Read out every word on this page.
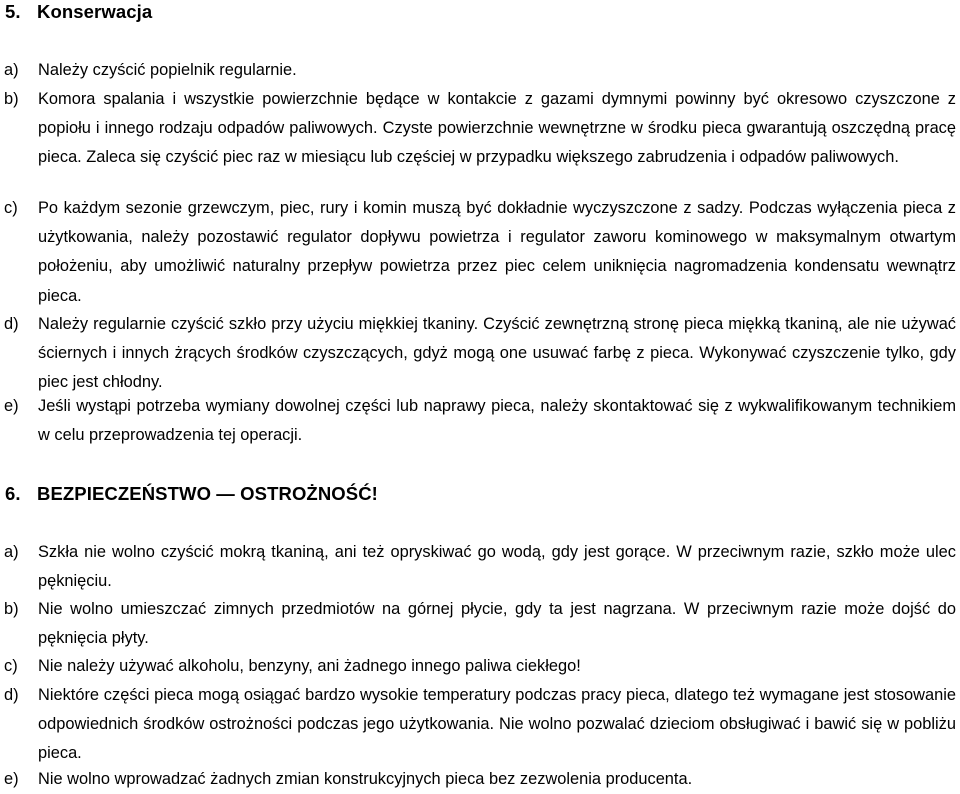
5. Konserwacja
a) Należy czyścić popielnik regularnie.
b) Komora spalania i wszystkie powierzchnie będące w kontakcie z gazami dymnymi powinny być okresowo czyszczone z popiołu i innego rodzaju odpadów paliwowych. Czyste powierzchnie wewnętrzne w środku pieca gwarantują oszczędną pracę pieca. Zaleca się czyścić piec raz w miesiącu lub częściej w przypadku większego zabrudzenia i odpadów paliwowych.
c) Po każdym sezonie grzewczym, piec, rury i komin muszą być dokładnie wyczyszczone z sadzy. Podczas wyłączenia pieca z użytkowania, należy pozostawić regulator dopływu powietrza i regulator zaworu kominowego w maksymalnym otwartym położeniu, aby umożliwić naturalny przepływ powietrza przez piec celem uniknięcia nagromadzenia kondensatu wewnątrz pieca.
d) Należy regularnie czyścić szkło przy użyciu miękkiej tkaniny. Czyścić zewnętrzną stronę pieca miękką tkaniną, ale nie używać ściernych i innych żrących środków czyszczących, gdyż mogą one usuwać farbę z pieca. Wykonywać czyszczenie tylko, gdy piec jest chłodny.
e) Jeśli wystąpi potrzeba wymiany dowolnej części lub naprawy pieca, należy skontaktować się z wykwalifikowanym technikiem w celu przeprowadzenia tej operacji.
6. BEZPIECZEŃSTWO — OSTROŻNOŚĆ!
a) Szkła nie wolno czyścić mokrą tkaniną, ani też opryskiwać go wodą, gdy jest gorące. W przeciwnym razie, szkło może ulec pęknięciu.
b) Nie wolno umieszczać zimnych przedmiotów na górnej płycie, gdy ta jest nagrzana. W przeciwnym razie może dojść do pęknięcia płyty.
c) Nie należy używać alkoholu, benzyny, ani żadnego innego paliwa ciekłego!
d) Niektóre części pieca mogą osiągać bardzo wysokie temperatury podczas pracy pieca, dlatego też wymagane jest stosowanie odpowiednich środków ostrożności podczas jego użytkowania. Nie wolno pozwalać dzieciom obsługiwać i bawić się w pobliżu pieca.
e) Nie wolno wprowadzać żadnych zmian konstrukcyjnych pieca bez zezwolenia producenta.
